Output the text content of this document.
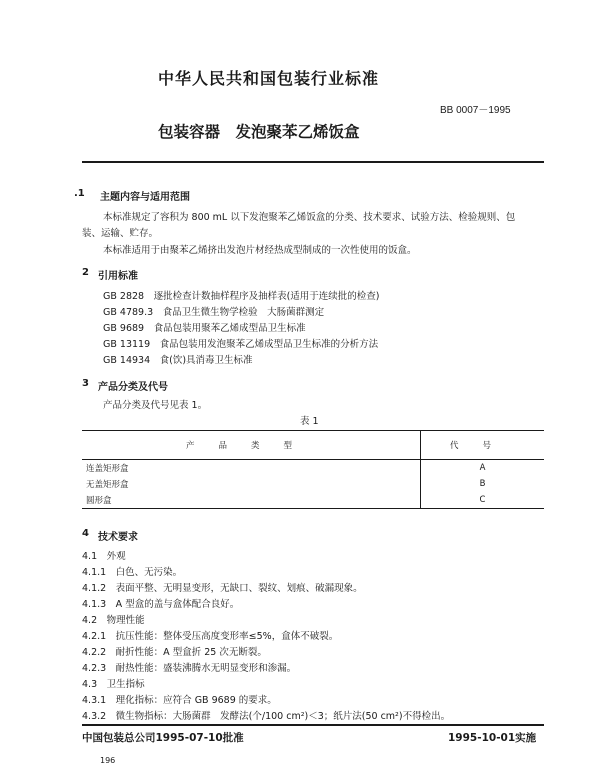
中华人民共和国包装行业标准
BB 0007－1995
包装容器　发泡聚苯乙烯饭盒
.1 主题内容与适用范围
本标准规定了容积为 800 mL 以下发泡聚苯乙烯饭盒的分类、技术要求、试验方法、检验规则、包
装、运输、贮存。
本标准适用于由聚苯乙烯挤出发泡片材经热成型制成的一次性使用的饭盒。
2 引用标准
GB 2828　逐批检查计数抽样程序及抽样表(适用于连续批的检查)
GB 4789.3　食品卫生微生物学检验　大肠菌群测定
GB 9689　食品包装用聚苯乙烯成型品卫生标准
GB 13119　食品包装用发泡聚苯乙烯成型品卫生标准的分析方法
GB 14934　食(饮)具消毒卫生标准
3 产品分类及代号
产品分类及代号见表 1。
表 1
产品类型	代号
连盖矩形盒	A
无盖矩形盒	B
圆形盒	C
4 技术要求
4.1　外观
4.1.1　白色、无污染。
4.1.2　表面平整、无明显变形，无缺口、裂纹、划痕、破漏现象。
4.1.3　A 型盒的盖与盒体配合良好。
4.2　物理性能
4.2.1　抗压性能：整体受压高度变形率≤5%，盒体不破裂。
4.2.2　耐折性能：A 型盒折 25 次无断裂。
4.2.3　耐热性能：盛装沸腾水无明显变形和渗漏。
4.3　卫生指标
4.3.1　理化指标：应符合 GB 9689 的要求。
4.3.2　微生物指标：大肠菌群　发酵法(个/100 cm²)＜3；纸片法(50 cm²)不得检出。
中国包装总公司1995-07-10批准	1995-10-01实施
196
